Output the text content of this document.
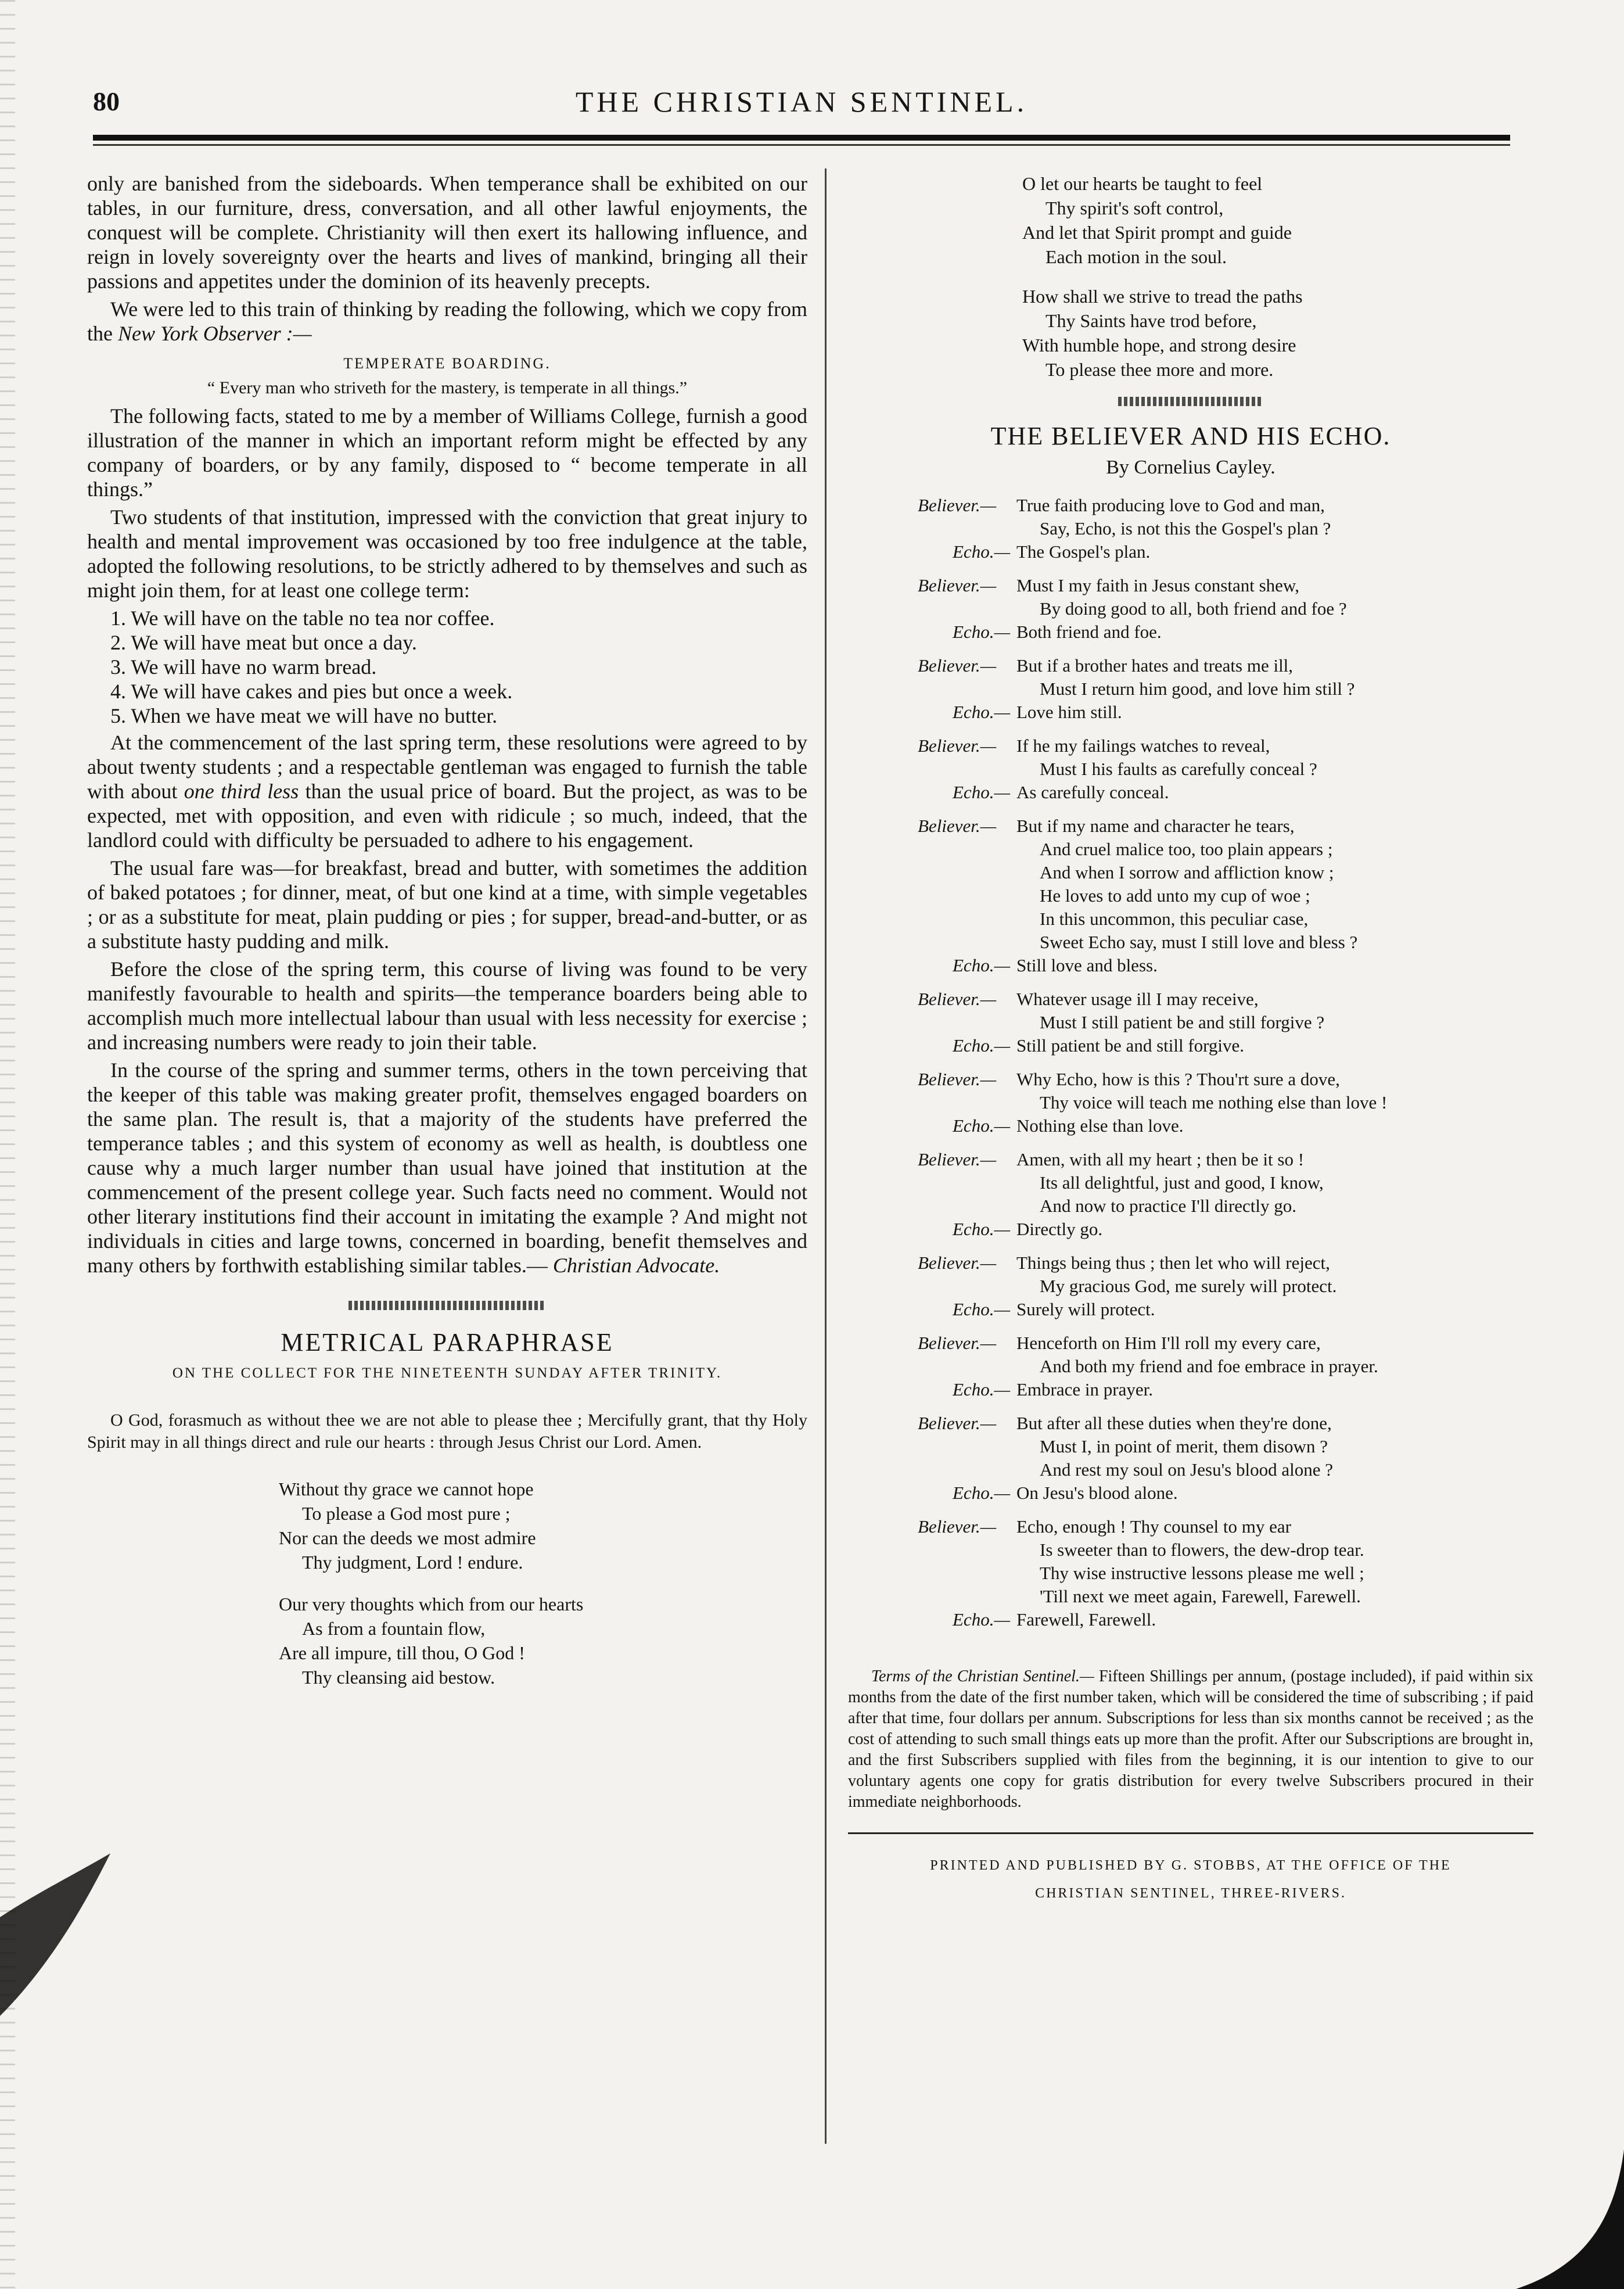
80	THE CHRISTIAN SENTINEL.

only are banished from the sideboards. When temperance shall be exhibited on our tables, in our furniture, dress, conversation, and all other lawful enjoyments, the conquest will be complete. Christianity will then exert its hallowing influence, and reign in lovely sovereignty over the hearts and lives of mankind, bringing all their passions and appetites under the dominion of its heavenly precepts.

We were led to this train of thinking by reading the following, which we copy from the New York Observer :—

TEMPERATE BOARDING.
“ Every man who striveth for the mastery, is temperate in all things.”

The following facts, stated to me by a member of Williams College, furnish a good illustration of the manner in which an important reform might be effected by any company of boarders, or by any family, disposed to “ become temperate in all things.”

Two students of that institution, impressed with the conviction that great injury to health and mental improvement was occasioned by too free indulgence at the table, adopted the following resolutions, to be strictly adhered to by themselves and such as might join them, for at least one college term:

1. We will have on the table no tea nor coffee.
2. We will have meat but once a day.
3. We will have no warm bread.
4. We will have cakes and pies but once a week.
5. When we have meat we will have no butter.

At the commencement of the last spring term, these resolutions were agreed to by about twenty students ; and a respectable gentleman was engaged to furnish the table with about one third less than the usual price of board. But the project, as was to be expected, met with opposition, and even with ridicule ; so much, indeed, that the landlord could with difficulty be persuaded to adhere to his engagement.

The usual fare was—for breakfast, bread and butter, with sometimes the addition of baked potatoes ; for dinner, meat, of but one kind at a time, with simple vegetables ; or as a substitute for meat, plain pudding or pies ; for supper, bread-and-butter, or as a substitute hasty pudding and milk.

Before the close of the spring term, this course of living was found to be very manifestly favourable to health and spirits—the temperance boarders being able to accomplish much more intellectual labour than usual with less necessity for exercise ; and increasing numbers were ready to join their table.

In the course of the spring and summer terms, others in the town perceiving that the keeper of this table was making greater profit, themselves engaged boarders on the same plan. The result is, that a majority of the students have preferred the temperance tables ; and this system of economy as well as health, is doubtless one cause why a much larger number than usual have joined that institution at the commencement of the present college year. Such facts need no comment. Would not other literary institutions find their account in imitating the example ? And might not individuals in cities and large towns, concerned in boarding, benefit themselves and many others by forthwith establishing similar tables.— Christian Advocate.

METRICAL PARAPHRASE
ON THE COLLECT FOR THE NINETEENTH SUNDAY AFTER TRINITY.

O God, forasmuch as without thee we are not able to please thee ; Mercifully grant, that thy Holy Spirit may in all things direct and rule our hearts : through Jesus Christ our Lord. Amen.

Without thy grace we cannot hope
To please a God most pure ;
Nor can the deeds we most admire
Thy judgment, Lord ! endure.
Our very thoughts which from our hearts
As from a fountain flow,
Are all impure, till thou, O God !
Thy cleansing aid bestow.
O let our hearts be taught to feel
Thy spirit's soft control,
And let that Spirit prompt and guide
Each motion in the soul.
How shall we strive to tread the paths
Thy Saints have trod before,
With humble hope, and strong desire
To please thee more and more.
THE BELIEVER AND HIS ECHO.
By Cornelius Cayley.
Believer.— True faith producing love to God and man,
Say, Echo, is not this the Gospel's plan ?
Echo.— The Gospel's plan.
Believer.— Must I my faith in Jesus constant shew,
By doing good to all, both friend and foe ?
Echo.— Both friend and foe.
Believer.— But if a brother hates and treats me ill,
Must I return him good, and love him still ?
Echo.— Love him still.
Believer.— If he my failings watches to reveal,
Must I his faults as carefully conceal ?
Echo.— As carefully conceal.
Believer.— But if my name and character he tears,
And cruel malice too, too plain appears ;
And when I sorrow and affliction know ;
He loves to add unto my cup of woe ;
In this uncommon, this peculiar case,
Sweet Echo say, must I still love and bless ?
Echo.— Still love and bless.
Believer.— Whatever usage ill I may receive,
Must I still patient be and still forgive ?
Echo.— Still patient be and still forgive.
Believer.— Why Echo, how is this ? Thou'rt sure a dove,
Thy voice will teach me nothing else than love !
Echo.— Nothing else than love.
Believer.— Amen, with all my heart ; then be it so !
Its all delightful, just and good, I know,
And now to practice I'll directly go.
Echo.— Directly go.
Believer.— Things being thus ; then let who will reject,
My gracious God, me surely will protect.
Echo.— Surely will protect.
Believer.— Henceforth on Him I'll roll my every care,
And both my friend and foe embrace in prayer.
Echo.— Embrace in prayer.
Believer.— But after all these duties when they're done,
Must I, in point of merit, them disown ?
And rest my soul on Jesu's blood alone ?
Echo.— On Jesu's blood alone.
Believer.— Echo, enough ! Thy counsel to my ear
Is sweeter than to flowers, the dew-drop tear.
Thy wise instructive lessons please me well ;
'Till next we meet again, Farewell, Farewell.
Echo.— Farewell, Farewell.

Terms of the Christian Sentinel.— Fifteen Shillings per annum, (postage included), if paid within six months from the date of the first number taken, which will be considered the time of subscribing ; if paid after that time, four dollars per annum. Subscriptions for less than six months cannot be received ; as the cost of attending to such small things eats up more than the profit. After our Subscriptions are brought in, and the first Subscribers supplied with files from the beginning, it is our intention to give to our voluntary agents one copy for gratis distribution for every twelve Subscribers procured in their immediate neighborhoods.

PRINTED AND PUBLISHED BY G. STOBBS, AT THE OFFICE OF THE
CHRISTIAN SENTINEL, THREE-RIVERS.
